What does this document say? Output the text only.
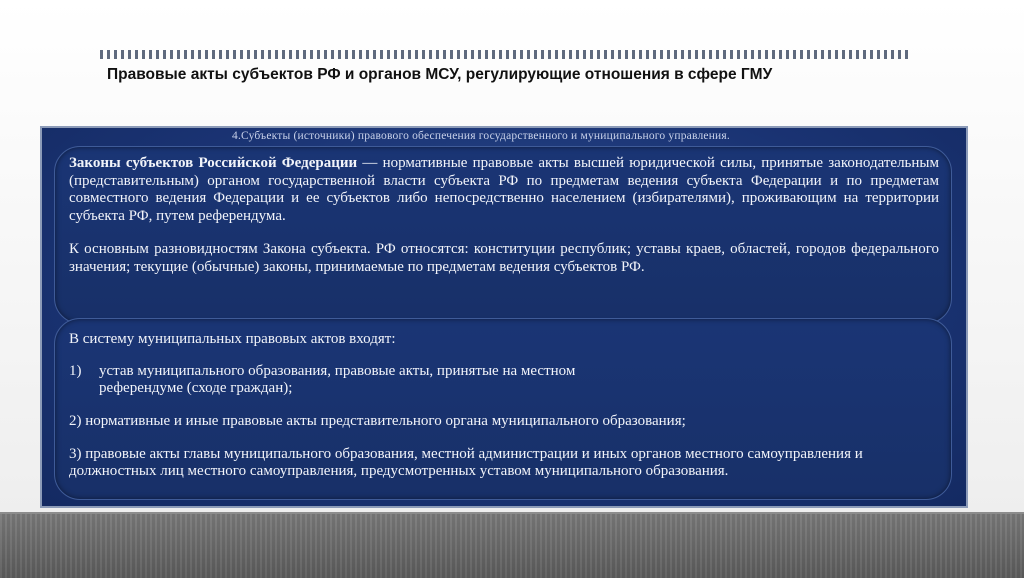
Правовые акты субъектов РФ и органов МСУ, регулирующие отношения в сфере ГМУ
4.Субъекты (источники) правового обеспечения государственного и муниципального управления.

Законы субъектов Российской Федерации — нормативные правовые акты высшей юридической силы, принятые законодательным (представительным) органом государственной власти субъекта РФ по предметам ведения субъекта Федерации и по предметам совместного ведения Федерации и ее субъектов либо непосредственно населением (избирателями), проживающим на территории субъекта РФ, путем референдума.

К основным разновидностям Закона субъекта. РФ относятся: конституции республик; уставы краев, областей, городов федерального значения; текущие (обычные) законы, принимаемые по предметам ведения субъектов РФ.

В систему муниципальных правовых актов входят:

1) устав муниципального образования, правовые акты, принятые на местном
референдуме (сходе граждан);

2) нормативные и иные правовые акты представительного органа муниципального образования;

3) правовые акты главы муниципального образования, местной администрации и иных органов местного самоуправления и должностных лиц местного самоуправления, предусмотренных уставом муниципального образования.
